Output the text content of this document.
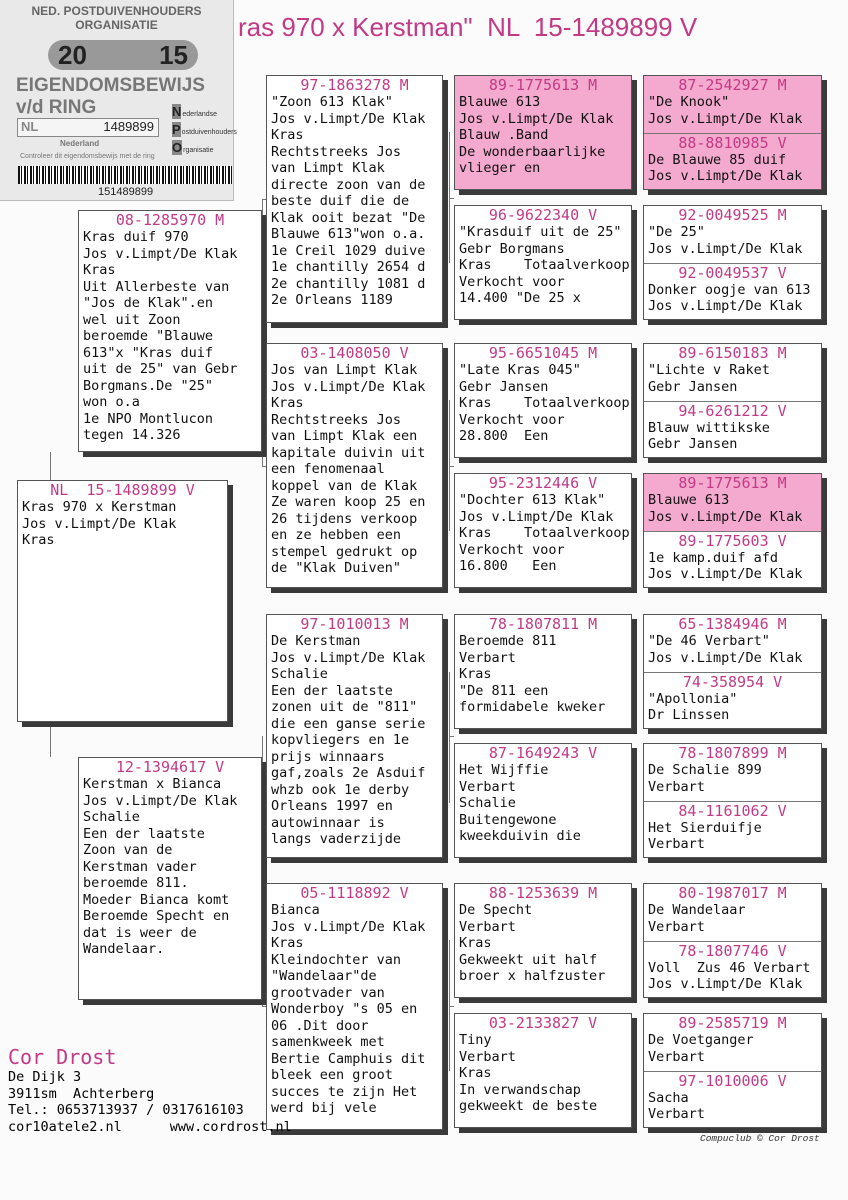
NED. POSTDUIVENHOUDERS ORGANISATIE
20	15
EIGENDOMSBEWIJS v/d RING
NL	1489899
Nederlandse
Postduivenhouders
Organisatie
Nederland
Controleer dit eigendomsbewijs met de ring
151489899
ras 970 x Kerstman"  NL  15-1489899 V
NL  15-1489899 V
Kras 970 x Kerstman
Jos v.Limpt/De Klak
Kras
08-1285970 M
Kras duif 970
Jos v.Limpt/De Klak
Kras
Uit Allerbeste van
"Jos de Klak".en
wel uit Zoon
beroemde "Blauwe
613"x "Kras duif
uit de 25" van Gebr
Borgmans.De "25"
won o.a
1e NPO Montlucon
tegen 14.326
12-1394617 V
Kerstman x Bianca
Jos v.Limpt/De Klak
Schalie
Een der laatste
Zoon van de
Kerstman vader
beroemde 811.
Moeder Bianca komt
Beroemde Specht en
dat is weer de
Wandelaar.
97-1863278 M
"Zoon 613 Klak"
Jos v.Limpt/De Klak
Kras
Rechtstreeks Jos
van Limpt Klak
directe zoon van de
beste duif die de
Klak ooit bezat "De
Blauwe 613"won o.a.
1e Creil 1029 duive
1e chantilly 2654 d
2e chantilly 1081 d
2e Orleans 1189
03-1408050 V
Jos van Limpt Klak
Jos v.Limpt/De Klak
Kras
Rechtstreeks Jos
van Limpt Klak een
kapitale duivin uit
een fenomenaal
koppel van de Klak
Ze waren koop 25 en
26 tijdens verkoop
en ze hebben een
stempel gedrukt op
de "Klak Duiven"
97-1010013 M
De Kerstman
Jos v.Limpt/De Klak
Schalie
Een der laatste
zonen uit de "811"
die een ganse serie
kopvliegers en 1e
prijs winnaars
gaf,zoals 2e Asduif
whzb ook 1e derby
Orleans 1997 en
autowinnaar is
langs vaderzijde
05-1118892 V
Bianca
Jos v.Limpt/De Klak
Kras
Kleindochter van
"Wandelaar"de
grootvader van
Wonderboy "s 05 en
06 .Dit door
samenkweek met
Bertie Camphuis dit
bleek een groot
succes te zijn Het
werd bij vele
89-1775613 M
Blauwe 613
Jos v.Limpt/De Klak
Blauw .Band
De wonderbaarlijke
vlieger en
96-9622340 V
"Krasduif uit de 25"
Gebr Borgmans
Kras    Totaalverkoop
Verkocht voor
14.400 "De 25 x
95-6651045 M
"Late Kras 045"
Gebr Jansen
Kras    Totaalverkoop
Verkocht voor
28.800  Een
95-2312446 V
"Dochter 613 Klak"
Jos v.Limpt/De Klak
Kras    Totaalverkoop
Verkocht voor
16.800   Een
78-1807811 M
Beroemde 811
Verbart
Kras
"De 811 een
formidabele kweker
87-1649243 V
Het Wijffie
Verbart
Schalie
Buitengewone
kweekduivin die
88-1253639 M
De Specht
Verbart
Kras
Gekweekt uit half
broer x halfzuster
03-2133827 V
Tiny
Verbart
Kras
In verwandschap
gekweekt de beste
87-2542927 M
"De Knook"
Jos v.Limpt/De Klak
88-8810985 V
De Blauwe 85 duif
Jos v.Limpt/De Klak
92-0049525 M
"De 25"
Jos v.Limpt/De Klak
92-0049537 V
Donker oogje van 613
Jos v.Limpt/De Klak
89-6150183 M
"Lichte v Raket
Gebr Jansen
94-6261212 V
Blauw wittikske
Gebr Jansen
89-1775613 M
Blauwe 613
Jos v.Limpt/De Klak
89-1775603 V
1e kamp.duif afd
Jos v.Limpt/De Klak
65-1384946 M
"De 46 Verbart"
Jos v.Limpt/De Klak
74-358954 V
"Apollonia"
Dr Linssen
78-1807899 M
De Schalie 899
Verbart
84-1161062 V
Het Sierduifje
Verbart
80-1987017 M
De Wandelaar
Verbart
78-1807746 V
Voll  Zus 46 Verbart
Jos v.Limpt/De Klak
89-2585719 M
De Voetganger
Verbart
97-1010006 V
Sacha
Verbart
Cor Drost
De Dijk 3
3911sm  Achterberg
Tel.: 0653713937 / 0317616103
cor10atele2.nl	www.cordrost.nl
Compuclub © Cor Drost
